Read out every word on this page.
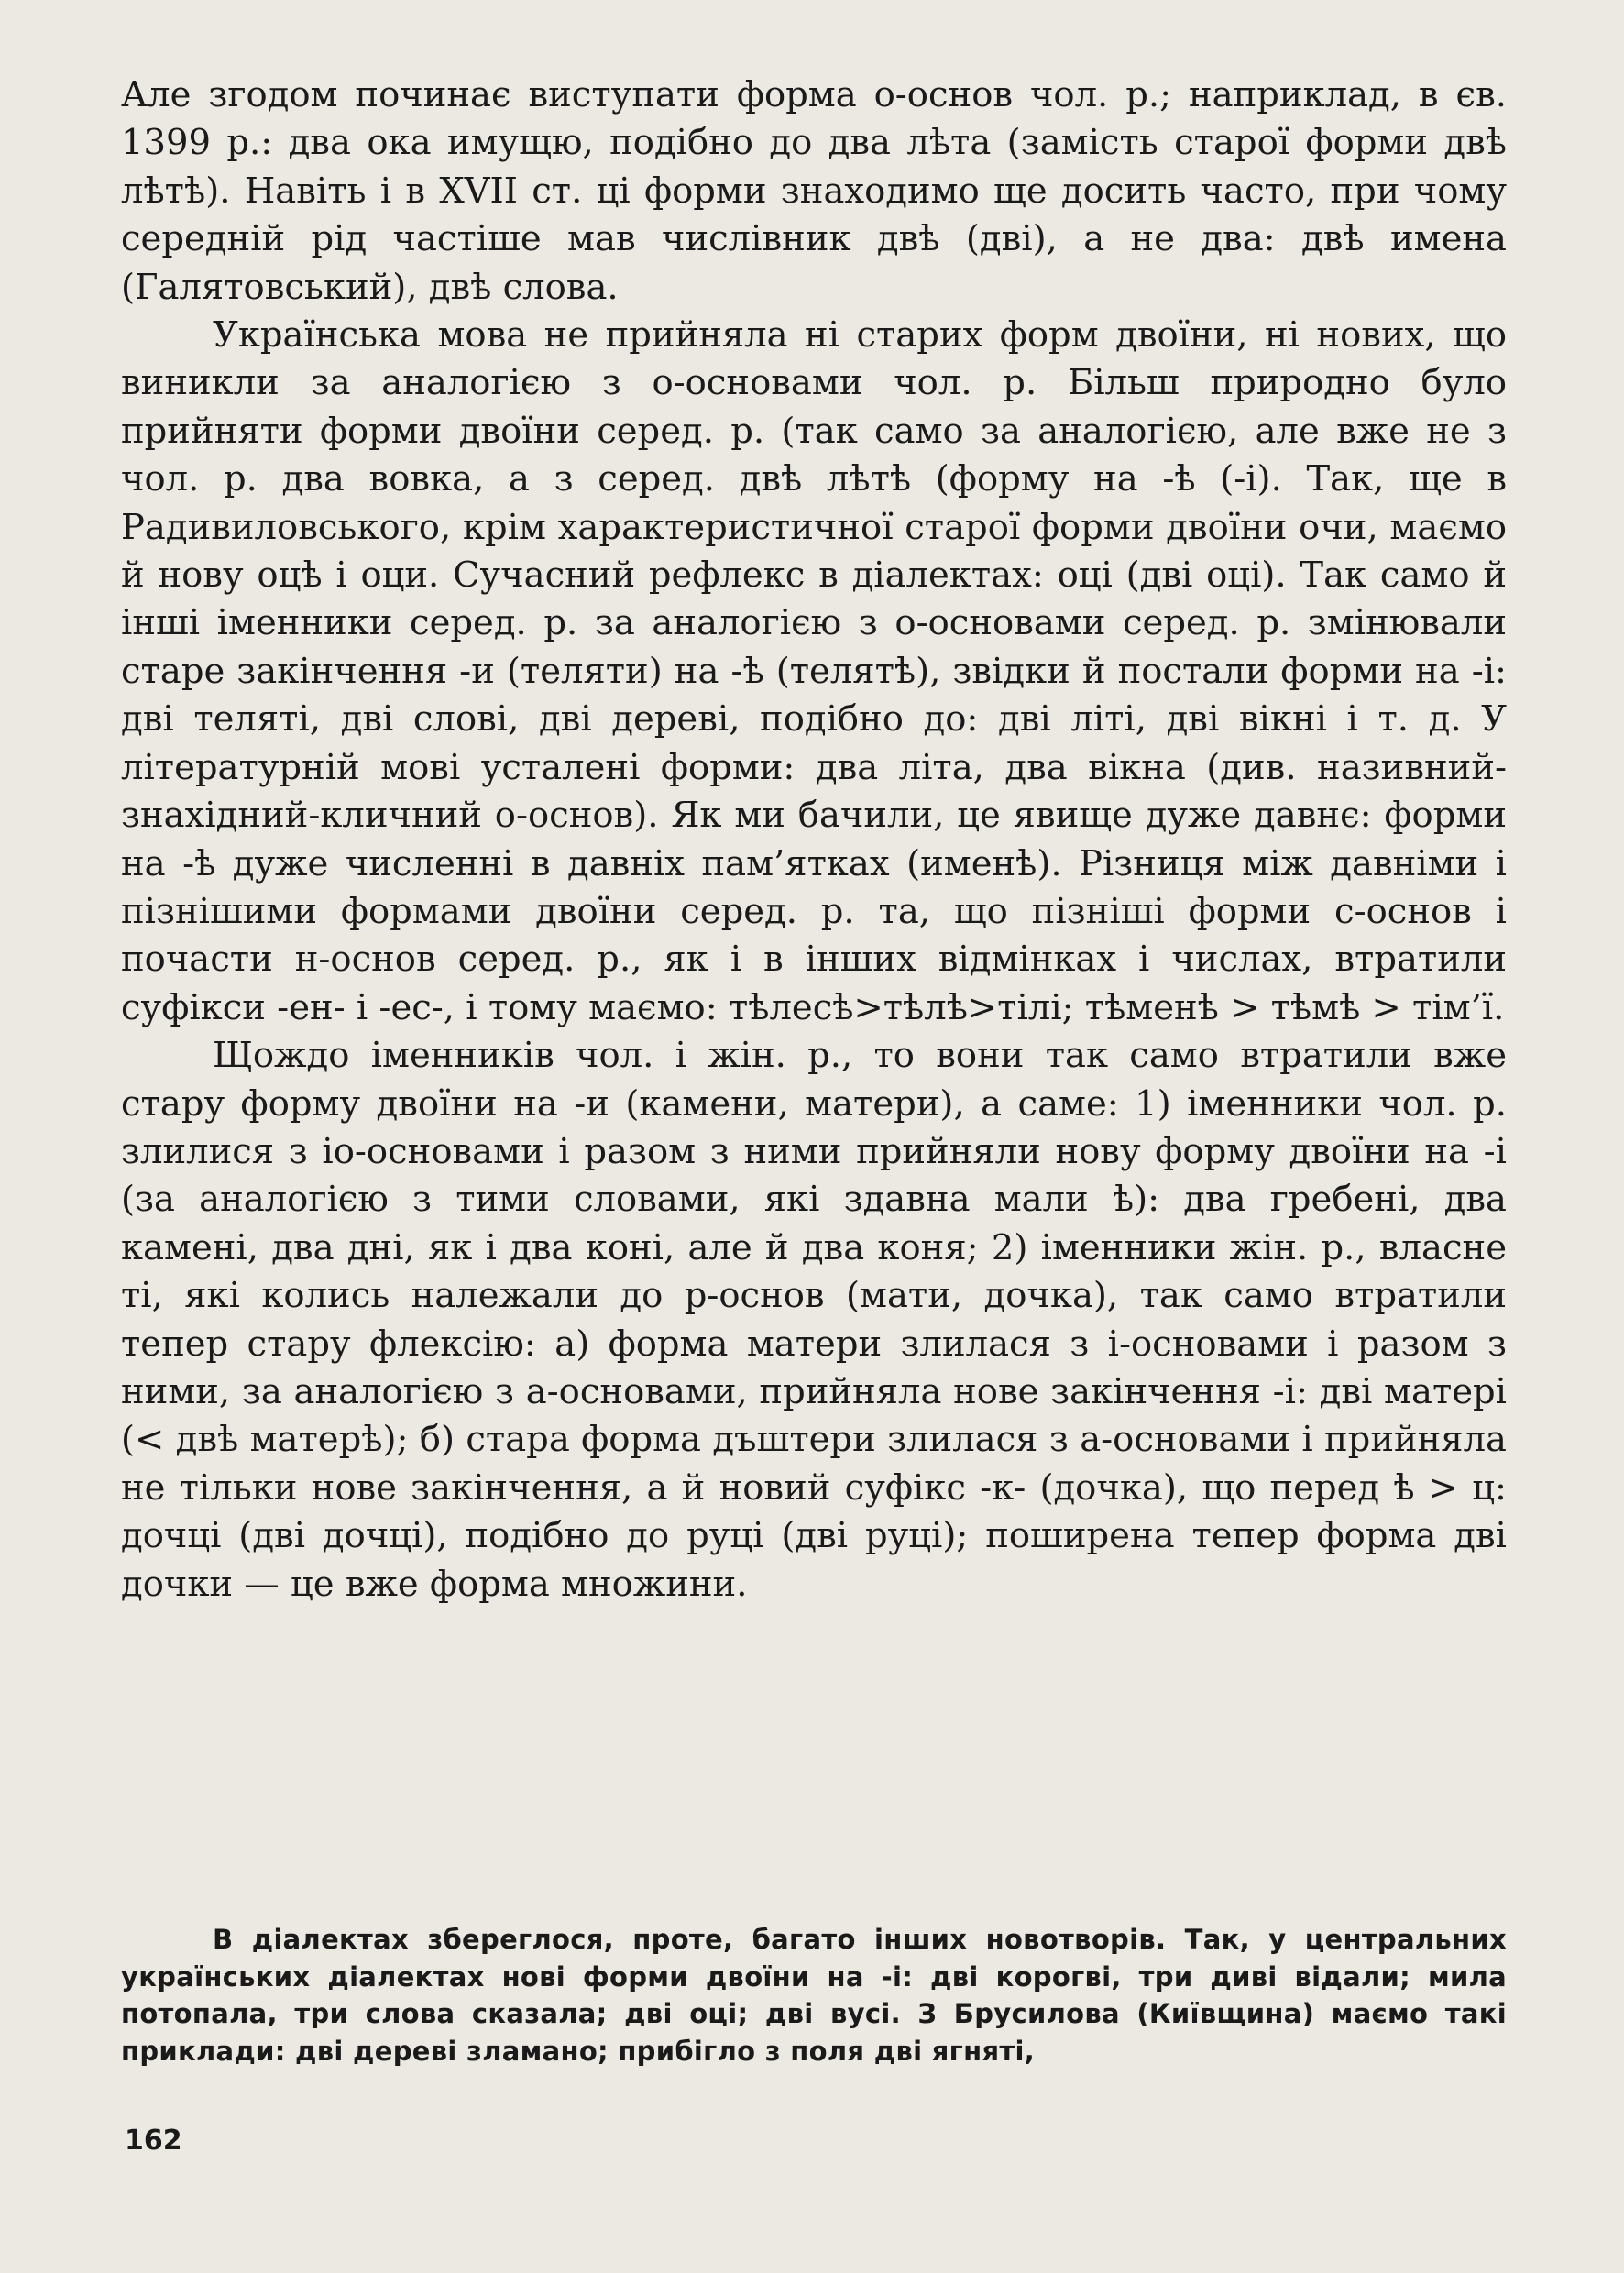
Але згодом починає виступати форма о-основ чол. р.; наприклад, в єв. 1399 р.: два ока имущю, подібно до два лѣта (замість старої форми двѣ лѣтѣ). Навіть і в XVII ст. ці форми знаходимо ще досить часто, при чому середній рід частіше мав числівник двѣ (дві), а не два: двѣ имена (Галятовський), двѣ слова.

Українська мова не прийняла ні старих форм двоїни, ні нових, що виникли за аналогією з о-основами чол. р. Більш природно було прийняти форми двоїни серед. р. (так само за аналогією, але вже не з чол. р. два вовка, а з серед. двѣ лѣтѣ (форму на -ѣ (-і). Так, ще в Радивиловського, крім характеристичної старої форми двоїни очи, маємо й нову оцѣ і оци. Сучасний рефлекс в діалектах: оці (дві оці). Так само й інші іменники серед. р. за аналогією з о-основами серед. р. змінювали старе закінчення -и (теляти) на -ѣ (телятѣ), звідки й постали форми на -і: дві теляті, дві слові, дві дереві, подібно до: дві літі, дві вікні і т. д. У літературній мові усталені форми: два літа, два вікна (див. називний-знахідний-кличний о-основ). Як ми бачили, це явище дуже давнє: форми на -ѣ дуже численні в давніх пам’ятках (именѣ). Різниця між давніми і пізнішими формами двоїни серед. р. та, що пізніші форми с-основ і почасти н-основ серед. р., як і в інших відмінках і числах, втратили суфікси -ен- і -ес-, і тому маємо: тѣлесѣ>тѣлѣ>тілі; тѣменѣ > тѣмѣ > тім’ї.

Щождо іменників чол. і жін. р., то вони так само втратили вже стару форму двоїни на -и (камени, матери), а саме: 1) іменники чол. р. злилися з іо-основами і разом з ними прийняли нову форму двоїни на -і (за аналогією з тими словами, які здавна мали ѣ): два гребені, два камені, два дні, як і два коні, але й два коня; 2) іменники жін. р., власне ті, які колись належали до р-основ (мати, дочка), так само втратили тепер стару флексію: а) форма матери злилася з і-основами і разом з ними, за аналогією з а-основами, прийняла нове закінчення -і: дві матері (< двѣ матерѣ); б) стара форма дъштери злилася з а-основами і прийняла не тільки нове закінчення, а й новий суфікс -к- (дочка), що перед ѣ > ц: дочці (дві дочці), подібно до руці (дві руці); поширена тепер форма дві дочки — це вже форма множини.

В діалектах збереглося, проте, багато інших новотворів. Так, у центральних українських діалектах нові форми двоїни на -і: дві корогві, три диві відали; мила потопала, три слова сказала; дві оці; дві вусі. З Брусилова (Київщина) маємо такі приклади: дві дереві зламано; прибігло з поля дві ягняті,

162
